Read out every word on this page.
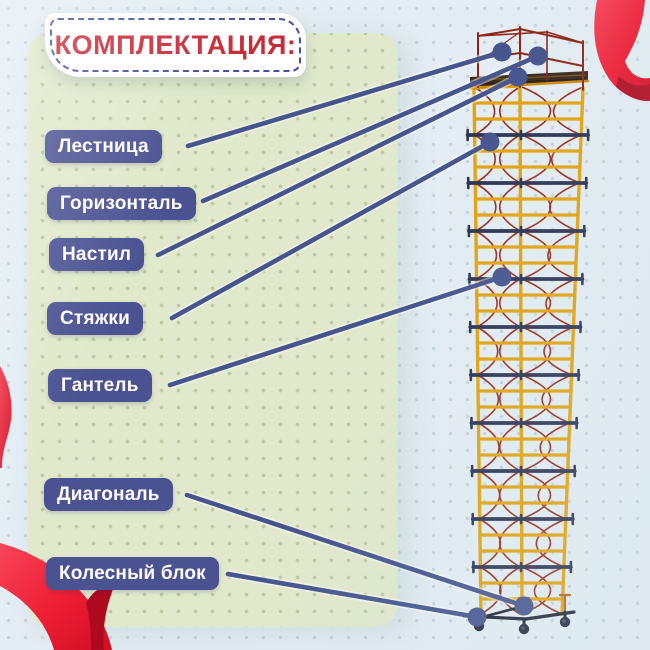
КОМПЛЕКТАЦИЯ:
Лестница
Горизонталь
Настил
Стяжки
Гантель
Диагональ
Колесный блок
